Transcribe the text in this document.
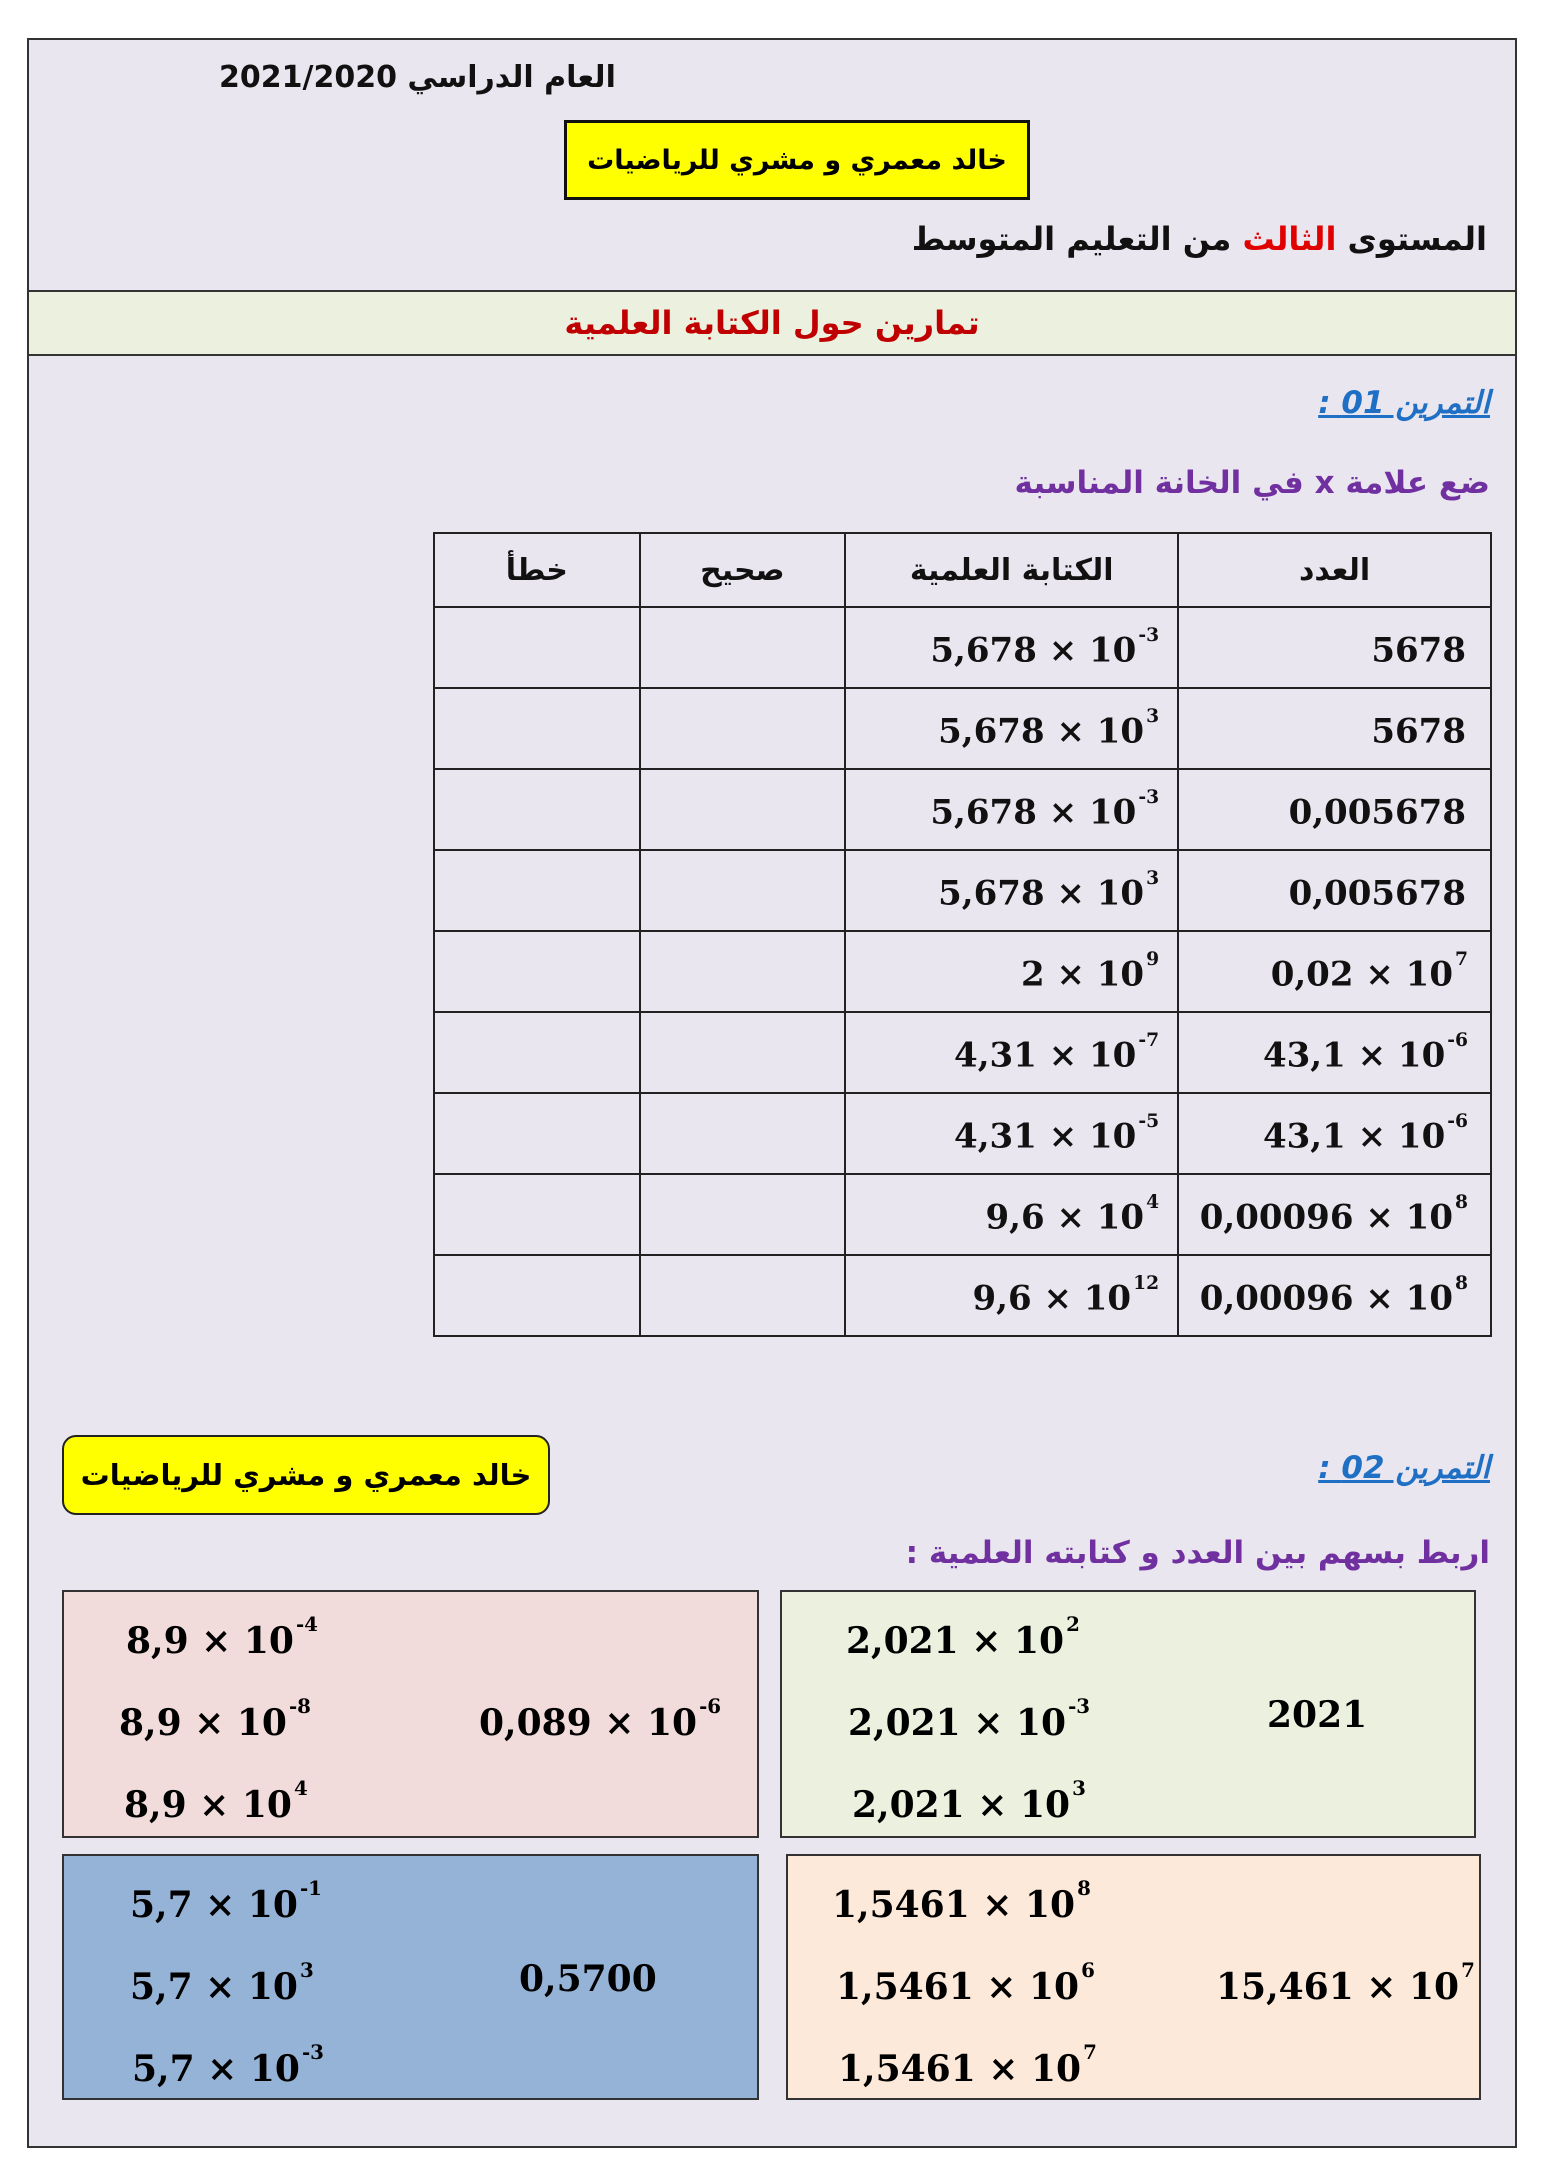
العام الدراسي 2021/2020
خالد معمري و مشري للرياضيات
المستوى الثالث من التعليم المتوسط
تمارين حول الكتابة العلمية
التمرين 01 :
ضع علامة x في الخانة المناسبة
خطأ	صحيح	الكتابة العلمية	العدد
		5,678 × 10 $^{-3}$	5678
		5,678 × 10 $^3$	5678
		5,678 × 10 $^{-3}$	0,005678
		5,678 × 10 $^3$	0,005678
		2 × 10 $^9$	0,02 × 10 $^7$
		4,31 × 10 $^{-7}$	43,1 × 10 $^{-6}$
		4,31 × 10 $^{-5}$	43,1 × 10 $^{-6}$
		9,6 × 10 $^4$	0,00096 × 10 $^8$
		9,6 × 10 $^{12}$	0,00096 × 10 $^8$
خالد معمري و مشري للرياضيات	التمرين 02 :
اربط بسهم بين العدد و كتابته العلمية :
8,9 × 10 $^{-4}$
8,9 × 10 $^{-8}$
8,9 × 10 $^4$
0,089 × 10 $^{-6}$
2,021 × 10 $^2$
2,021 × 10 $^{-3}$
2,021 × 10 $^3$
2021
5,7 × 10 $^{-1}$
5,7 × 10 $^3$
5,7 × 10 $^{-3}$
0,5700
1,5461 × 10 $^8$
1,5461 × 10 $^6$
1,5461 × 10 $^7$
15,461 × 10 $^7$
